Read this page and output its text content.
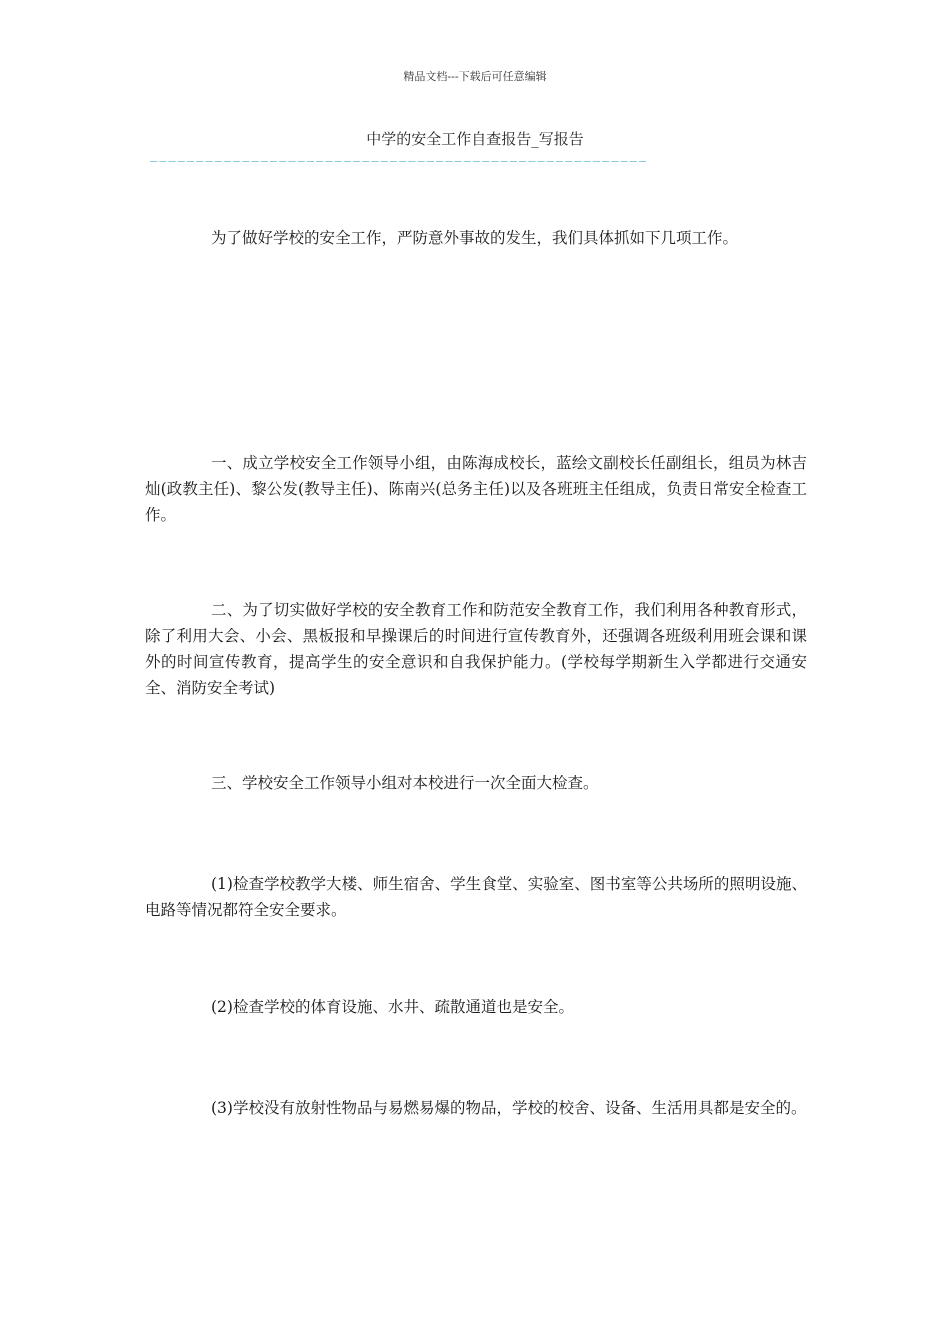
精品文档---下载后可任意编辑
中学的安全工作自查报告_写报告
——————————————————————————————————————————————————————

为了做好学校的安全工作，严防意外事故的发生，我们具体抓如下几项工作。

一、成立学校安全工作领导小组，由陈海成校长，蓝绘文副校长任副组长，组员为林吉灿(政教主任)、黎公发(教导主任)、陈南兴(总务主任)以及各班班主任组成，负责日常安全检查工作。

二、为了切实做好学校的安全教育工作和防范安全教育工作，我们利用各种教育形式，除了利用大会、小会、黑板报和早操课后的时间进行宣传教育外，还强调各班级利用班会课和课外的时间宣传教育，提高学生的安全意识和自我保护能力。(学校每学期新生入学都进行交通安全、消防安全考试)

三、学校安全工作领导小组对本校进行一次全面大检查。

(1)检查学校教学大楼、师生宿舍、学生食堂、实验室、图书室等公共场所的照明设施、电路等情况都符全安全要求。

(2)检查学校的体育设施、水井、疏散通道也是安全。

(3)学校没有放射性物品与易燃易爆的物品，学校的校舍、设备、生活用具都是安全的。
